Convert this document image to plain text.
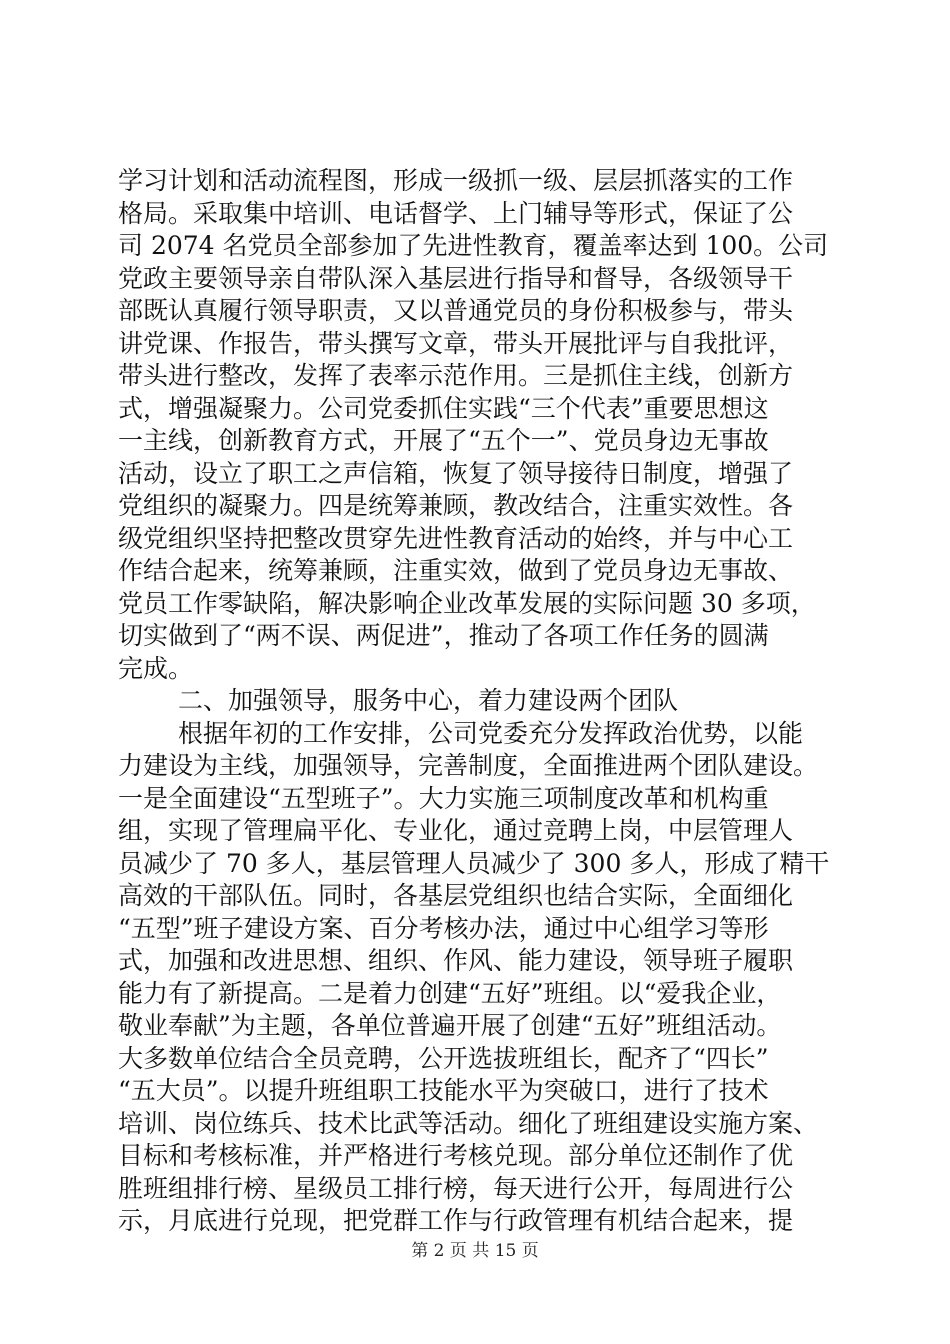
学习计划和活动流程图，形成一级抓一级、层层抓落实的工作
格局。采取集中培训、电话督学、上门辅导等形式，保证了公
司 2074 名党员全部参加了先进性教育，覆盖率达到 100。公司
党政主要领导亲自带队深入基层进行指导和督导，各级领导干
部既认真履行领导职责，又以普通党员的身份积极参与，带头
讲党课、作报告，带头撰写文章，带头开展批评与自我批评，
带头进行整改，发挥了表率示范作用。三是抓住主线，创新方
式，增强凝聚力。公司党委抓住实践“三个代表”重要思想这
一主线，创新教育方式，开展了“五个一”、党员身边无事故
活动，设立了职工之声信箱，恢复了领导接待日制度，增强了
党组织的凝聚力。四是统筹兼顾，教改结合，注重实效性。各
级党组织坚持把整改贯穿先进性教育活动的始终，并与中心工
作结合起来，统筹兼顾，注重实效，做到了党员身边无事故、
党员工作零缺陷，解决影响企业改革发展的实际问题 30 多项，
切实做到了“两不误、两促进”，推动了各项工作任务的圆满
完成。
二、加强领导，服务中心，着力建设两个团队
根据年初的工作安排，公司党委充分发挥政治优势，以能
力建设为主线，加强领导，完善制度，全面推进两个团队建设。
一是全面建设“五型班子”。大力实施三项制度改革和机构重
组，实现了管理扁平化、专业化，通过竞聘上岗，中层管理人
员减少了 70 多人，基层管理人员减少了 300 多人，形成了精干
高效的干部队伍。同时，各基层党组织也结合实际，全面细化
“五型”班子建设方案、百分考核办法，通过中心组学习等形
式，加强和改进思想、组织、作风、能力建设，领导班子履职
能力有了新提高。二是着力创建“五好”班组。以“爱我企业，
敬业奉献”为主题，各单位普遍开展了创建“五好”班组活动。
大多数单位结合全员竞聘，公开选拔班组长，配齐了“四长”
“五大员”。以提升班组职工技能水平为突破口，进行了技术
培训、岗位练兵、技术比武等活动。细化了班组建设实施方案、
目标和考核标准，并严格进行考核兑现。部分单位还制作了优
胜班组排行榜、星级员工排行榜，每天进行公开，每周进行公
示，月底进行兑现，把党群工作与行政管理有机结合起来，提
第 2 页 共 15 页
